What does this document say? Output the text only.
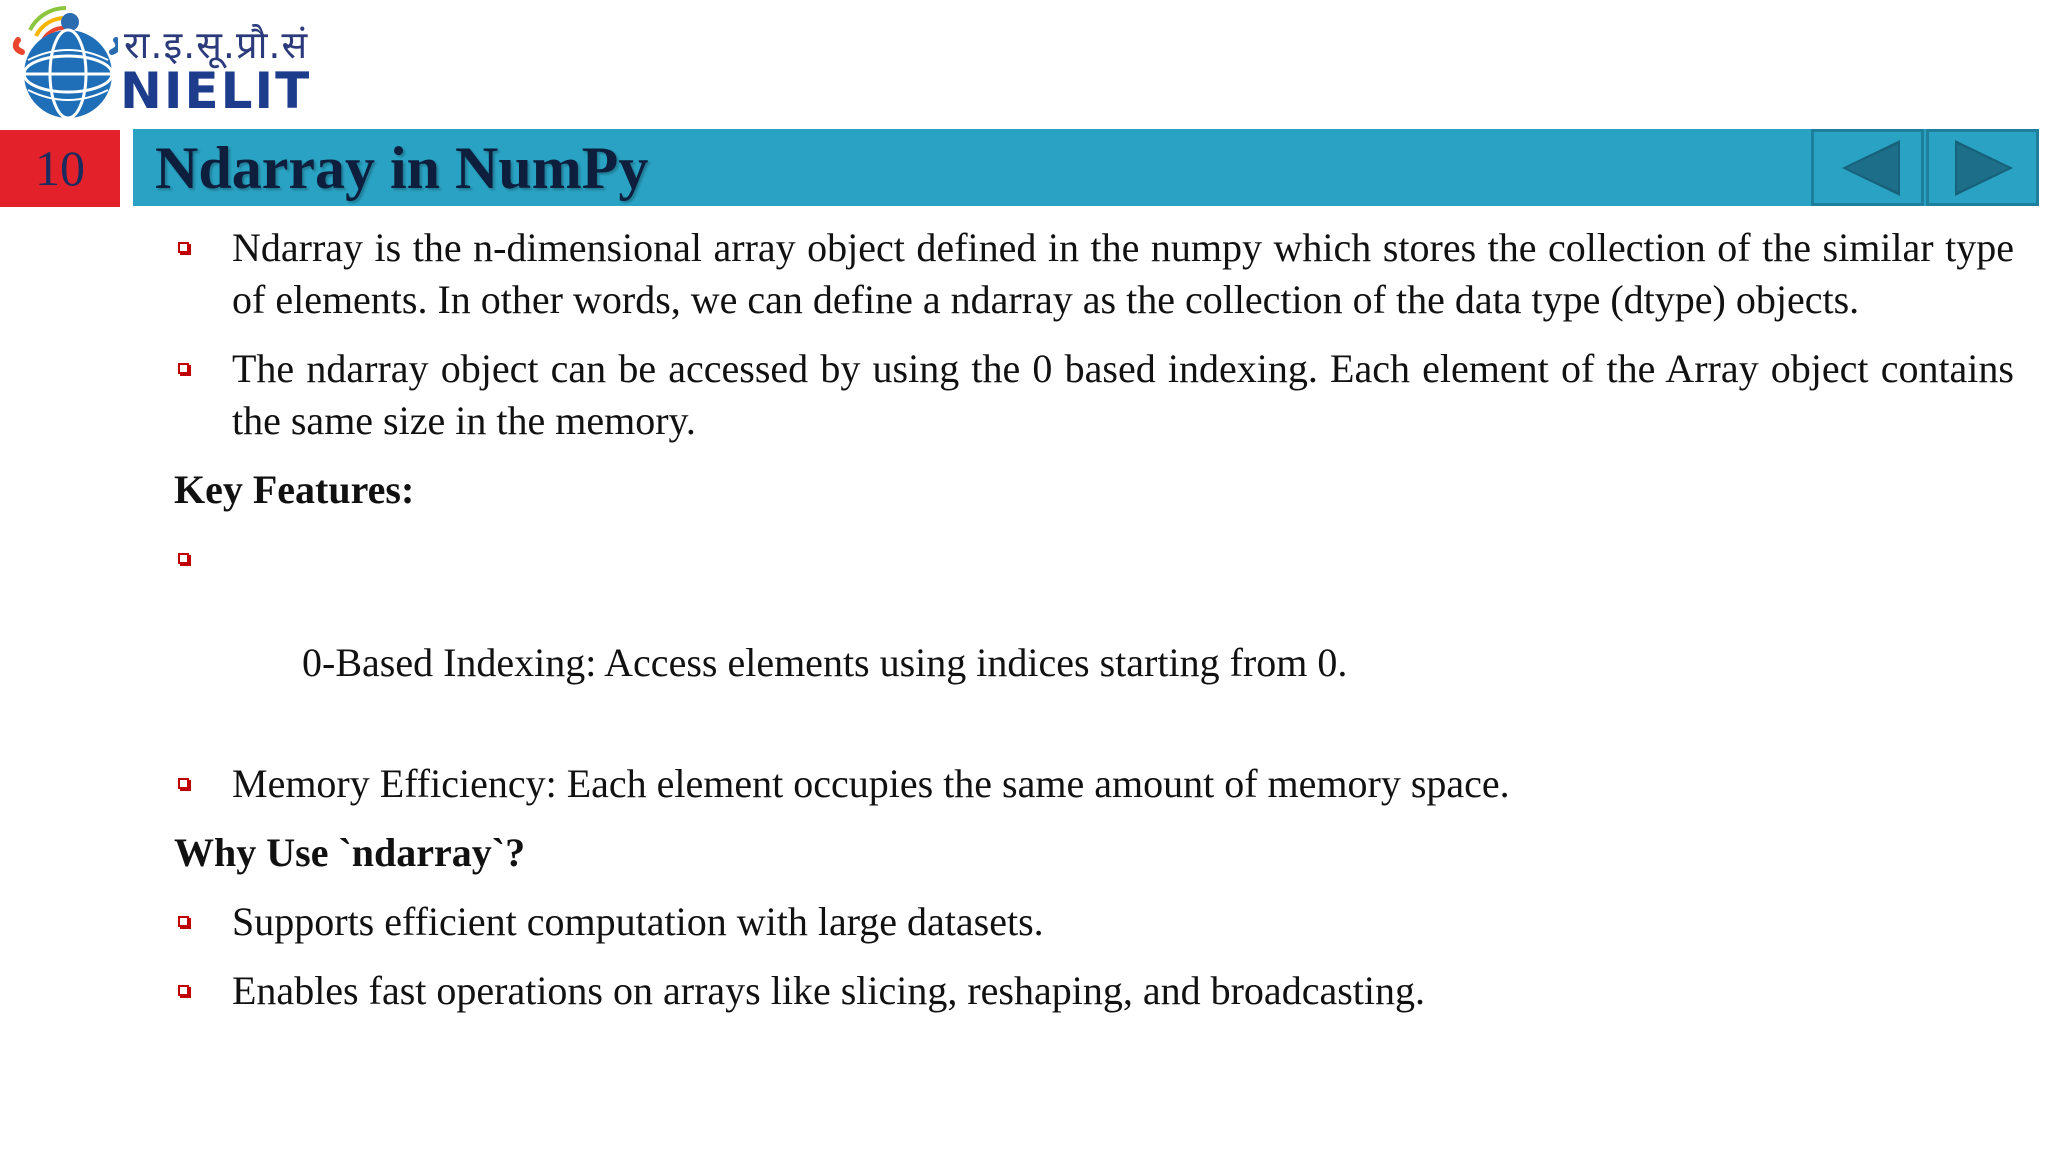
रा.इ.सू.प्रौ.सं
NIELIT
10	Ndarray in NumPy
Ndarray is the n-dimensional array object defined in the numpy which stores the collection of the similar type of elements. In other words, we can define a ndarray as the collection of the data type (dtype) objects.
The ndarray object can be accessed by using the 0 based indexing. Each element of the Array object contains the same size in the memory.
Key Features:

0-Based Indexing: Access elements using indices starting from 0.

Memory Efficiency: Each element occupies the same amount of memory space.
Why Use `ndarray`?
Supports efficient computation with large datasets.
Enables fast operations on arrays like slicing, reshaping, and broadcasting.
